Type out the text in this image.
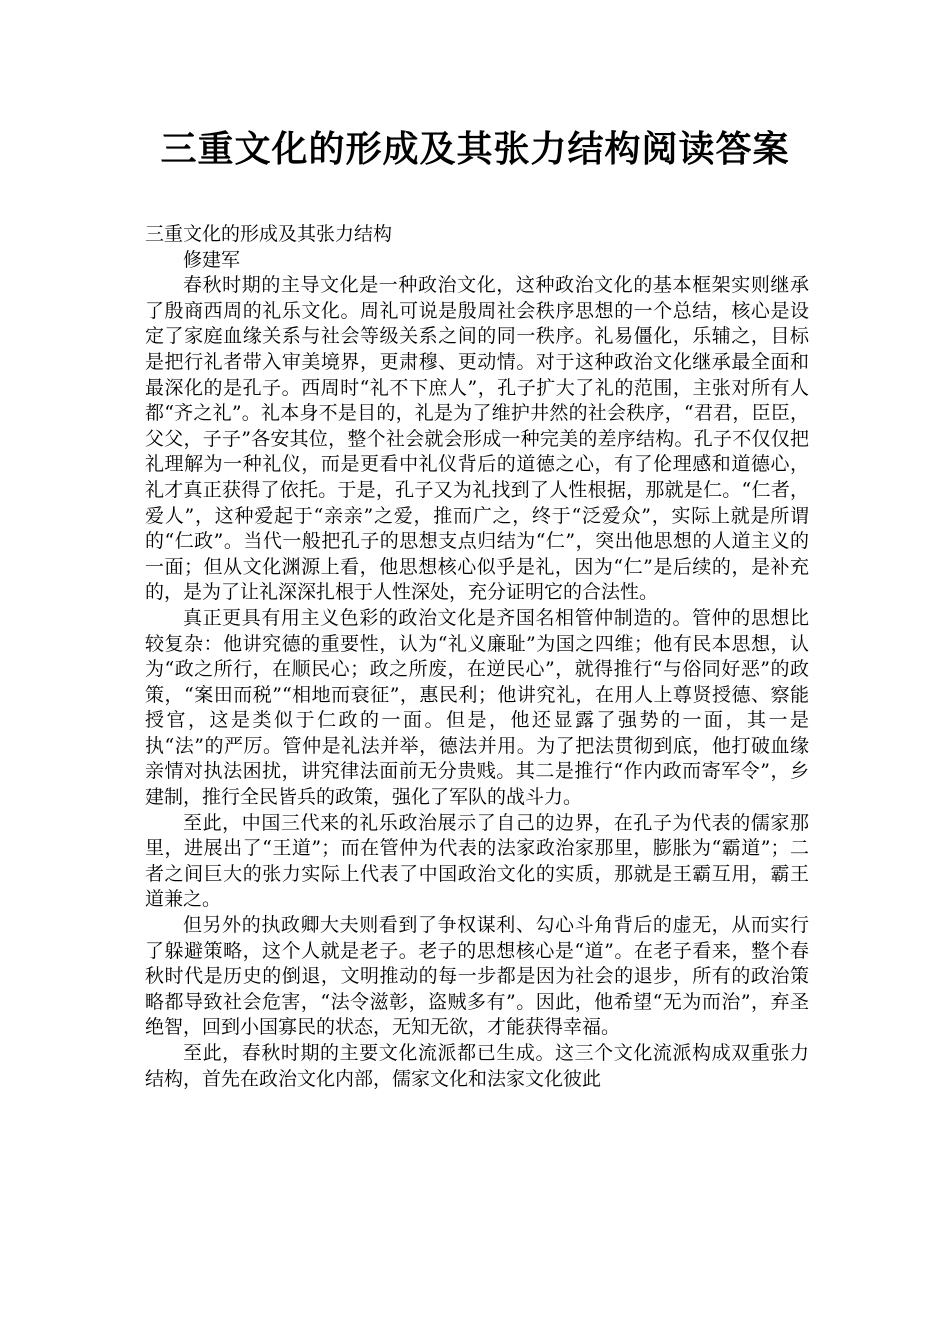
三重文化的形成及其张力结构阅读答案

三重文化的形成及其张力结构

修建军

春秋时期的主导文化是一种政治文化，这种政治文化的基本框架实则继承了殷商西周的礼乐文化。周礼可说是殷周社会秩序思想的一个总结，核心是设定了家庭血缘关系与社会等级关系之间的同一秩序。礼易僵化，乐辅之，目标是把行礼者带入审美境界，更肃穆、更动情。对于这种政治文化继承最全面和最深化的是孔子。西周时“礼不下庶人”，孔子扩大了礼的范围，主张对所有人都“齐之礼”。礼本身不是目的，礼是为了维护井然的社会秩序，“君君，臣臣，父父，子子”各安其位，整个社会就会形成一种完美的差序结构。孔子不仅仅把礼理解为一种礼仪，而是更看中礼仪背后的道德之心，有了伦理感和道德心，礼才真正获得了依托。于是，孔子又为礼找到了人性根据，那就是仁。“仁者，爱人”，这种爱起于“亲亲”之爱，推而广之，终于“泛爱众”，实际上就是所谓的“仁政”。当代一般把孔子的思想支点归结为“仁”，突出他思想的人道主义的一面；但从文化渊源上看，他思想核心似乎是礼，因为“仁”是后续的，是补充的，是为了让礼深深扎根于人性深处，充分证明它的合法性。

真正更具有用主义色彩的政治文化是齐国名相管仲制造的。管仲的思想比较复杂：他讲究德的重要性，认为“礼义廉耻”为国之四维；他有民本思想，认为“政之所行，在顺民心；政之所废，在逆民心”，就得推行“与俗同好恶”的政策，“案田而税”“相地而衰征”，惠民利；他讲究礼，在用人上尊贤授德、察能授官，这是类似于仁政的一面。但是，他还显露了强势的一面，其一是执“法”的严厉。管仲是礼法并举，德法并用。为了把法贯彻到底，他打破血缘亲情对执法困扰，讲究律法面前无分贵贱。其二是推行“作内政而寄军令”，乡建制，推行全民皆兵的政策，强化了军队的战斗力。

至此，中国三代来的礼乐政治展示了自己的边界，在孔子为代表的儒家那里，进展出了“王道”；而在管仲为代表的法家政治家那里，膨胀为“霸道”；二者之间巨大的张力实际上代表了中国政治文化的实质，那就是王霸互用，霸王道兼之。

但另外的执政卿大夫则看到了争权谋利、勾心斗角背后的虚无，从而实行了躲避策略，这个人就是老子。老子的思想核心是“道”。在老子看来，整个春秋时代是历史的倒退，文明推动的每一步都是因为社会的退步，所有的政治策略都导致社会危害，“法令滋彰，盗贼多有”。因此，他希望“无为而治”，弃圣绝智，回到小国寡民的状态，无知无欲，才能获得幸福。

至此，春秋时期的主要文化流派都已生成。这三个文化流派构成双重张力结构，首先在政治文化内部，儒家文化和法家文化彼此
